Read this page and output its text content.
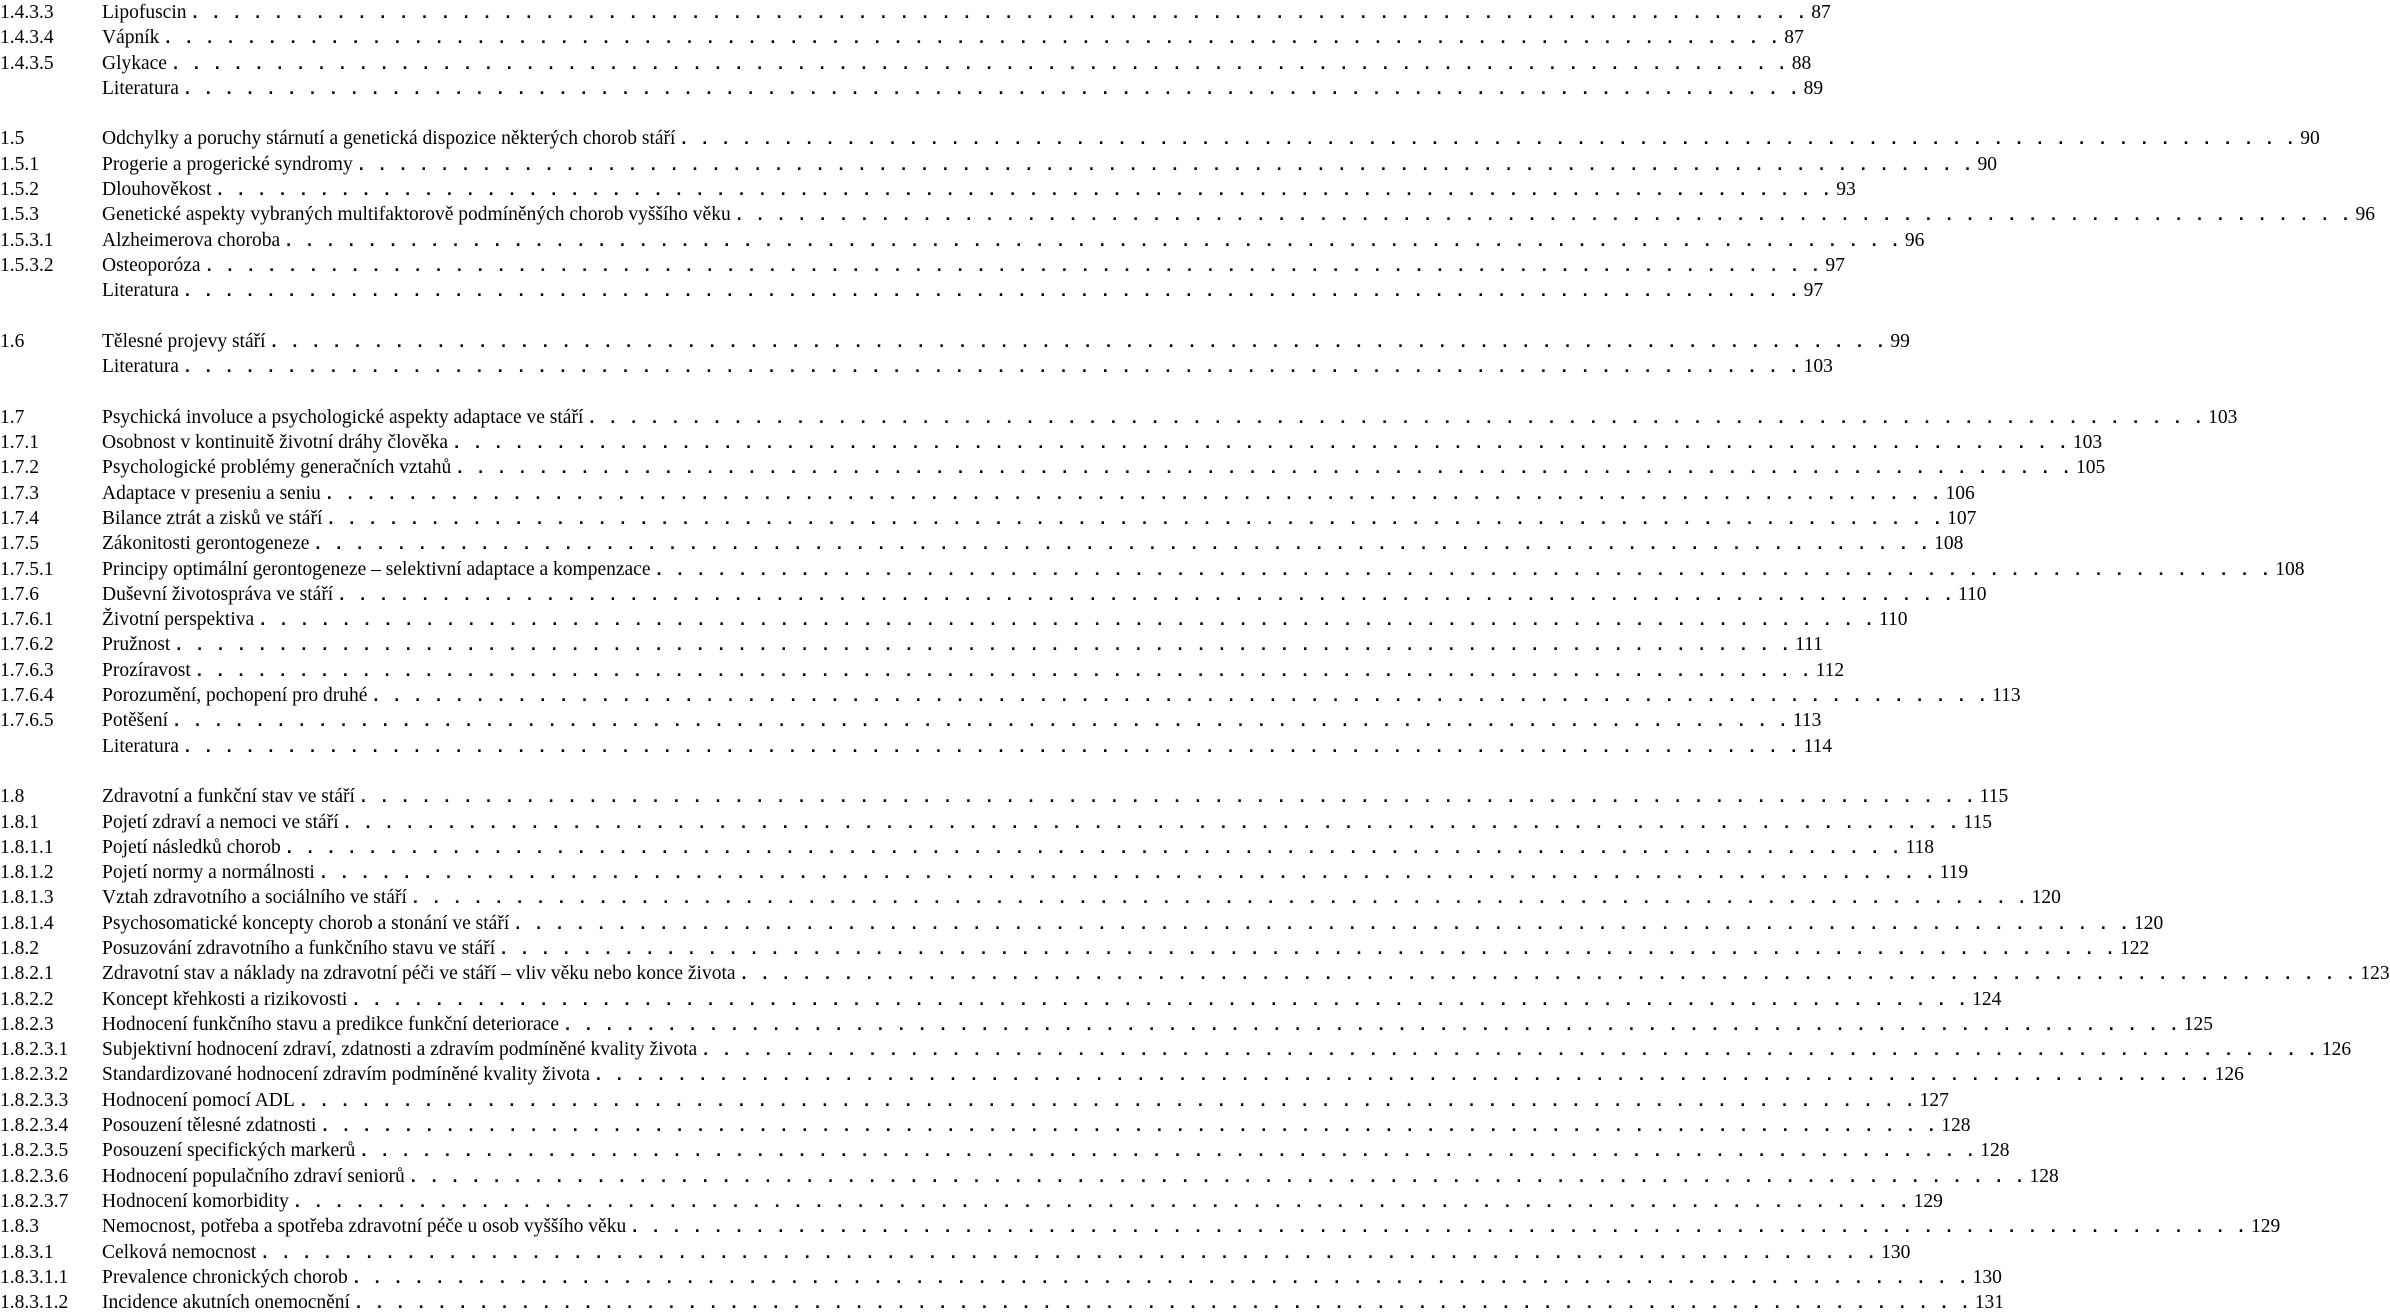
1.4.3.3 Lipofuscin . . .	87
1.4.3.4 Vápník . . .	87
1.4.3.5 Glykace . . .	88
Literatura . . .	89
1.5	Odchylky a poruchy stárnutí a genetická dispozice některých chorob stáří . . .	90
1.5.1	Progerie a progerické syndromy . . .	90
1.5.2	Dlouhověkost . . .	93
1.5.3	Genetické aspekty vybraných multifaktorově podmíněných chorob vyššího věku . . .	96
1.5.3.1 Alzheimerova choroba . . .	96
1.5.3.2 Osteoporóza . . .	97
Literatura . . .	97
1.6	Tělesné projevy stáří . . .	99
Literatura . . .	103
1.7	Psychická involuce a psychologické aspekty adaptace ve stáří . . .	103
1.7.1	Osobnost v kontinuitě životní dráhy člověka . . .	103
1.7.2	Psychologické problémy generačních vztahů . . .	105
1.7.3	Adaptace v preseniu a seniu . . .	106
1.7.4	Bilance ztrát a zisků ve stáří . . .	107
1.7.5	Zákonitosti gerontogeneze . . .	108
1.7.5.1 Principy optimální gerontogeneze – selektivní adaptace a kompenzace . . .	108
1.7.6	Duševní životospráva ve stáří . . .	110
1.7.6.1 Životní perspektiva . . .	110
1.7.6.2 Pružnost . . .	111
1.7.6.3 Prozíravost . . .	112
1.7.6.4 Porozumění, pochopení pro druhé . . .	113
1.7.6.5 Potěšení . . .	113
Literatura . . .	114
1.8	Zdravotní a funkční stav ve stáří . . .	115
1.8.1	Pojetí zdraví a nemoci ve stáří . . .	115
1.8.1.1 Pojetí následků chorob . . .	118
1.8.1.2 Pojetí normy a normálnosti . . .	119
1.8.1.3 Vztah zdravotního a sociálního ve stáří . . .	120
1.8.1.4 Psychosomatické koncepty chorob a stonání ve stáří . . .	120
1.8.2	Posuzování zdravotního a funkčního stavu ve stáří . . .	122
1.8.2.1 Zdravotní stav a náklady na zdravotní péči ve stáří – vliv věku nebo konce života . . .	123
1.8.2.2 Koncept křehkosti a rizikovosti . . .	124
1.8.2.3 Hodnocení funkčního stavu a predikce funkční deteriorace . . .	125
1.8.2.3.1 Subjektivní hodnocení zdraví, zdatnosti a zdravím podmíněné kvality života . . .	126
1.8.2.3.2 Standardizované hodnocení zdravím podmíněné kvality života . . .	126
1.8.2.3.3 Hodnocení pomocí ADL . . .	127
1.8.2.3.4 Posouzení tělesné zdatnosti . . .	128
1.8.2.3.5 Posouzení specifických markerů . . .	128
1.8.2.3.6 Hodnocení populačního zdraví seniorů . . .	128
1.8.2.3.7 Hodnocení komorbidity . . .	129
1.8.3	Nemocnost, potřeba a spotřeba zdravotní péče u osob vyššího věku . . .	129
1.8.3.1 Celková nemocnost . . .	130
1.8.3.1.1 Prevalence chronických chorob . . .	130
1.8.3.1.2 Incidence akutních onemocnění . . .	131
